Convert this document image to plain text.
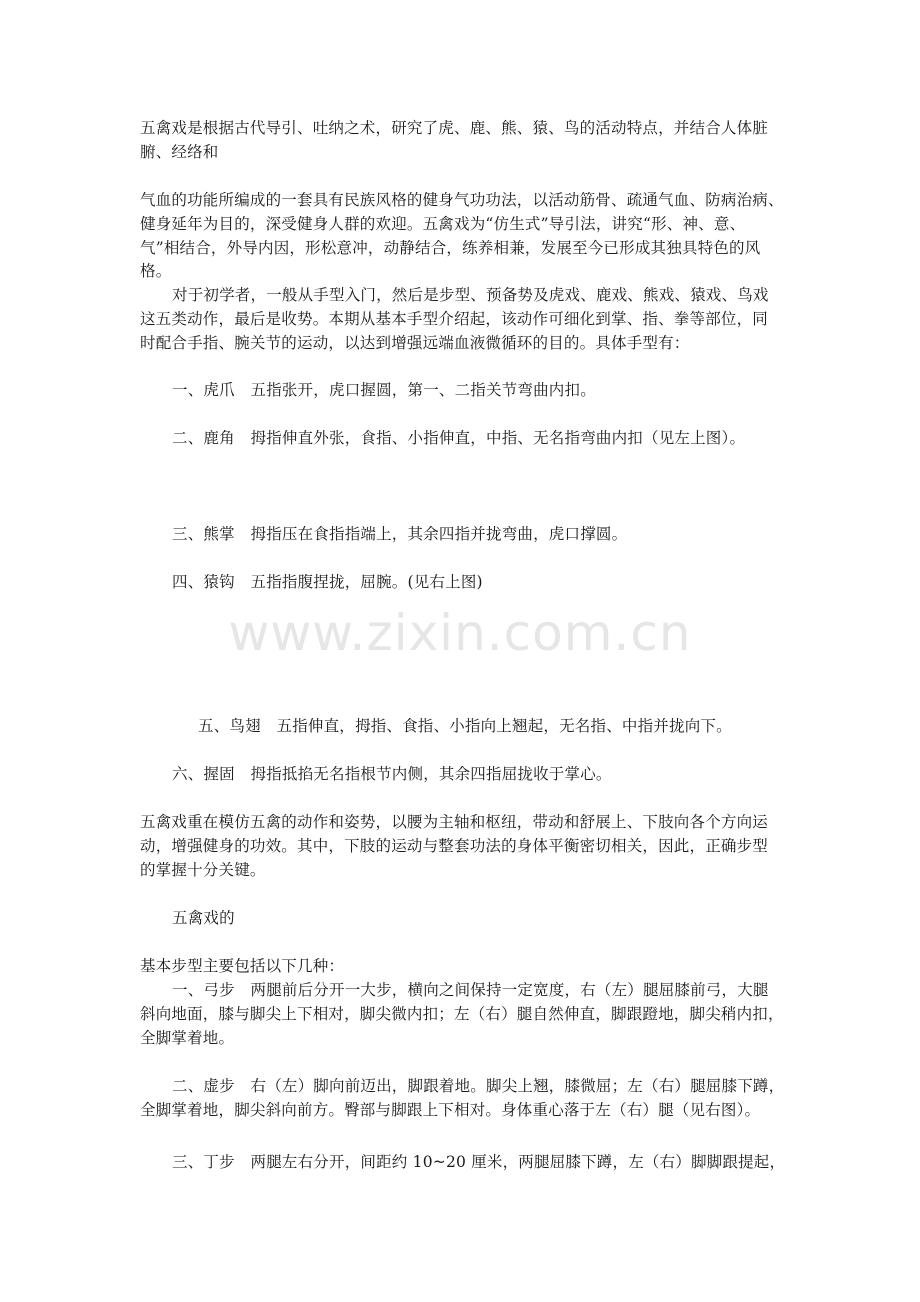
五禽戏是根据古代导引、吐纳之术，研究了虎、鹿、熊、猿、鸟的活动特点，并结合人体脏
腑、经络和
气血的功能所编成的一套具有民族风格的健身气功功法，以活动筋骨、疏通气血、防病治病、
健身延年为目的，深受健身人群的欢迎。五禽戏为“仿生式”导引法，讲究“形、神、意、
气”相结合，外导内因，形松意冲，动静结合，练养相兼，发展至今已形成其独具特色的风
格。
对于初学者，一般从手型入门，然后是步型、预备势及虎戏、鹿戏、熊戏、猿戏、鸟戏
这五类动作，最后是收势。本期从基本手型介绍起，该动作可细化到掌、指、拳等部位，同
时配合手指、腕关节的运动，以达到增强远端血液微循环的目的。具体手型有：
一、虎爪　五指张开，虎口握圆，第一、二指关节弯曲内扣。
二、鹿角　拇指伸直外张，食指、小指伸直，中指、无名指弯曲内扣（见左上图）。
三、熊掌　拇指压在食指指端上，其余四指并拢弯曲，虎口撑圆。
四、猿钩　五指指腹捏拢，屈腕。(见右上图)
www.zixin.com.cn
五、鸟翅　五指伸直，拇指、食指、小指向上翘起，无名指、中指并拢向下。
六、握固　拇指抵掐无名指根节内侧，其余四指屈拢收于掌心。
五禽戏重在模仿五禽的动作和姿势，以腰为主轴和枢纽，带动和舒展上、下肢向各个方向运
动，增强健身的功效。其中，下肢的运动与整套功法的身体平衡密切相关，因此，正确步型
的掌握十分关键。
五禽戏的
基本步型主要包括以下几种：
一、弓步　两腿前后分开一大步，横向之间保持一定宽度，右（左）腿屈膝前弓，大腿
斜向地面，膝与脚尖上下相对，脚尖微内扣；左（右）腿自然伸直，脚跟蹬地，脚尖稍内扣，
全脚掌着地。
二、虚步　右（左）脚向前迈出，脚跟着地。脚尖上翘，膝微屈；左（右）腿屈膝下蹲，
全脚掌着地，脚尖斜向前方。臀部与脚跟上下相对。身体重心落于左（右）腿（见右图）。
三、丁步　两腿左右分开，间距约 10~20 厘米，两腿屈膝下蹲，左（右）脚脚跟提起，
